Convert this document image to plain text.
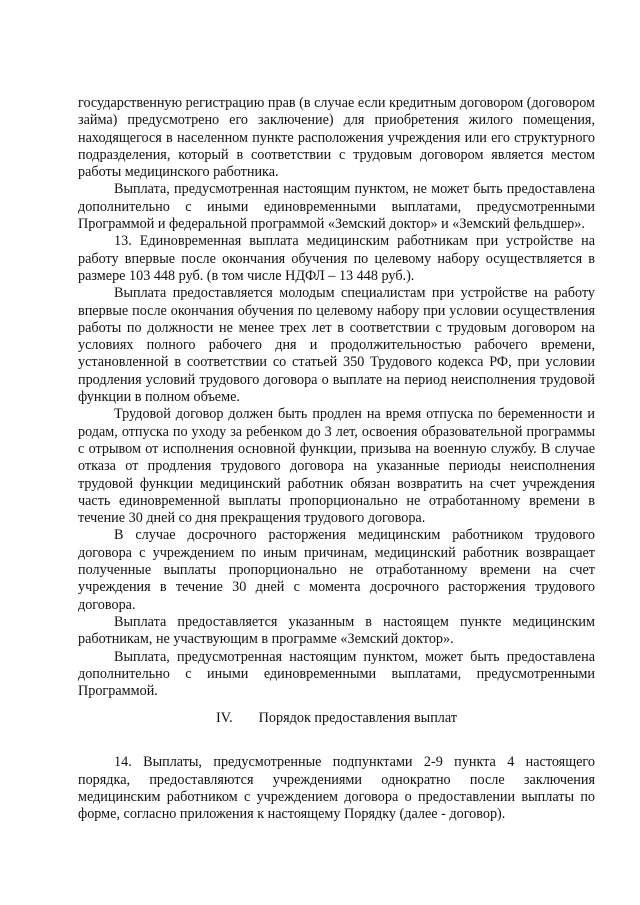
государственную регистрацию прав (в случае если кредитным договором (договором займа) предусмотрено его заключение) для приобретения жилого помещения, находящегося в населенном пункте расположения учреждения или его структурного подразделения, который в соответствии с трудовым договором является местом работы медицинского работника.

Выплата, предусмотренная настоящим пунктом, не может быть предоставлена дополнительно с иными единовременными выплатами, предусмотренными Программой и федеральной программой «Земский доктор» и «Земский фельдшер».

13. Единовременная выплата медицинским работникам при устройстве на работу впервые после окончания обучения по целевому набору осуществляется в размере 103 448 руб. (в том числе НДФЛ – 13 448 руб.).

Выплата предоставляется молодым специалистам при устройстве на работу впервые после окончания обучения по целевому набору при условии осуществления работы по должности не менее трех лет в соответствии с трудовым договором на условиях полного рабочего дня и продолжительностью рабочего времени, установленной в соответствии со статьей 350 Трудового кодекса РФ, при условии продления условий трудового договора о выплате на период неисполнения трудовой функции в полном объеме.

Трудовой договор должен быть продлен на время отпуска по беременности и родам, отпуска по уходу за ребенком до 3 лет, освоения образовательной программы с отрывом от исполнения основной функции, призыва на военную службу. В случае отказа от продления трудового договора на указанные периоды неисполнения трудовой функции медицинский работник обязан возвратить на счет учреждения часть единовременной выплаты пропорционально не отработанному времени в течение 30 дней со дня прекращения трудового договора.

В случае досрочного расторжения медицинским работником трудового договора с учреждением по иным причинам, медицинский работник возвращает полученные выплаты пропорционально не отработанному времени на счет учреждения в течение 30 дней с момента досрочного расторжения трудового договора.

Выплата предоставляется указанным в настоящем пункте медицинским работникам, не участвующим в программе «Земский доктор».

Выплата, предусмотренная настоящим пунктом, может быть предоставлена дополнительно с иными единовременными выплатами, предусмотренными Программой.

IV. Порядок предоставления выплат

14. Выплаты, предусмотренные подпунктами 2-9 пункта 4 настоящего порядка, предоставляются учреждениями однократно после заключения медицинским работником с учреждением договора о предоставлении выплаты по форме, согласно приложения к настоящему Порядку (далее - договор).
